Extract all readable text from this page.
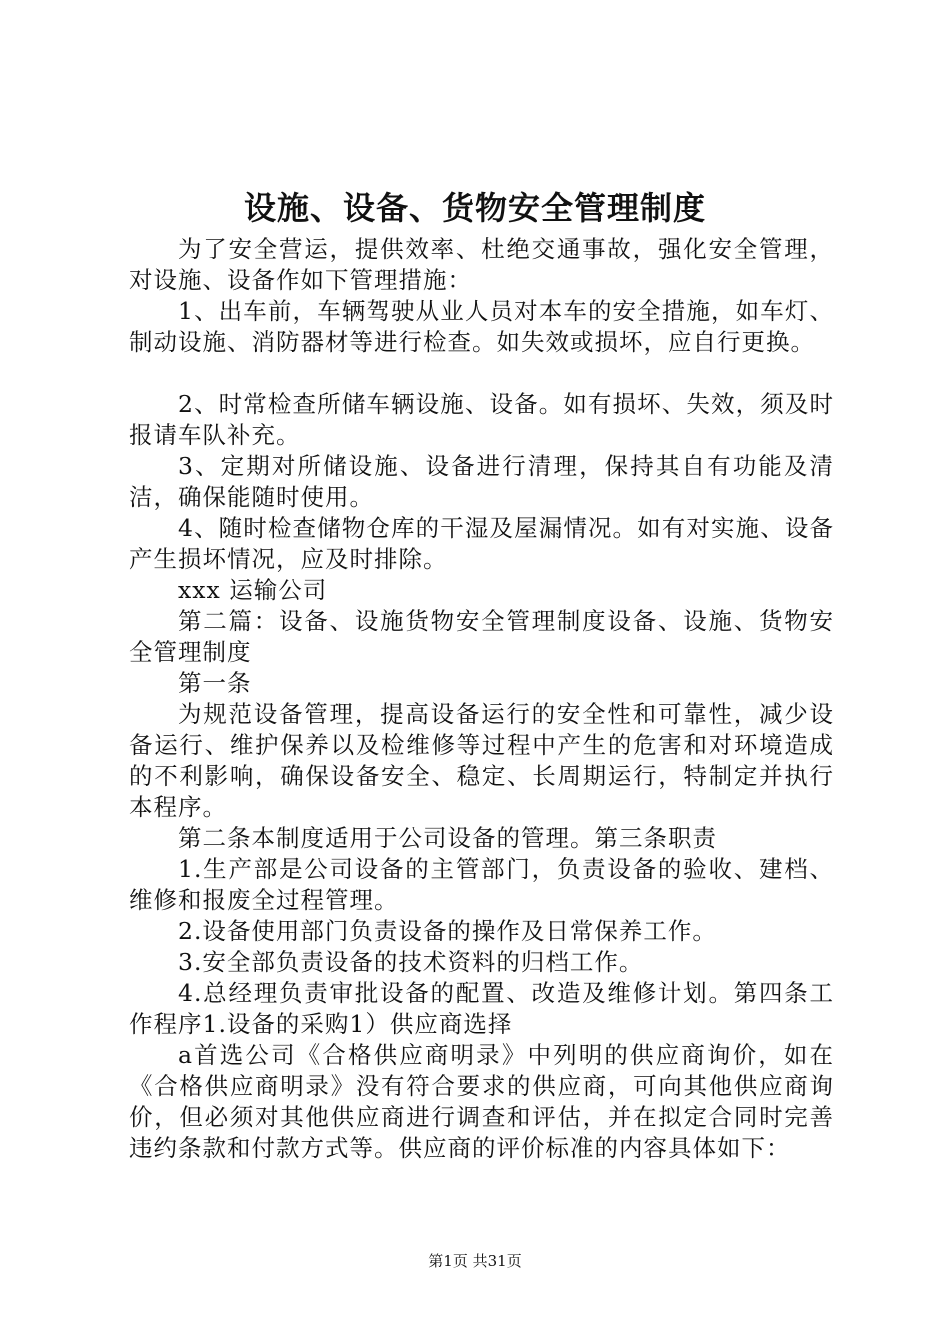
设施、设备、货物安全管理制度

为了安全营运，提供效率、杜绝交通事故，强化安全管理，对设施、设备作如下管理措施：

1、出车前，车辆驾驶从业人员对本车的安全措施，如车灯、制动设施、消防器材等进行检查。如失效或损坏，应自行更换。

2、时常检查所储车辆设施、设备。如有损坏、失效，须及时报请车队补充。

3、定期对所储设施、设备进行清理，保持其自有功能及清洁，确保能随时使用。

4、随时检查储物仓库的干湿及屋漏情况。如有对实施、设备产生损坏情况，应及时排除。

xxx 运输公司

第二篇：设备、设施货物安全管理制度设备、设施、货物安全管理制度

第一条

为规范设备管理，提高设备运行的安全性和可靠性，减少设备运行、维护保养以及检维修等过程中产生的危害和对环境造成的不利影响，确保设备安全、稳定、长周期运行，特制定并执行本程序。

第二条本制度适用于公司设备的管理。第三条职责

1.生产部是公司设备的主管部门，负责设备的验收、建档、维修和报废全过程管理。

2.设备使用部门负责设备的操作及日常保养工作。

3.安全部负责设备的技术资料的归档工作。

4.总经理负责审批设备的配置、改造及维修计划。第四条工作程序1.设备的采购1）供应商选择

a首选公司《合格供应商明录》中列明的供应商询价，如在《合格供应商明录》没有符合要求的供应商，可向其他供应商询价，但必须对其他供应商进行调查和评估，并在拟定合同时完善违约条款和付款方式等。供应商的评价标准的内容具体如下：

第1页 共31页
